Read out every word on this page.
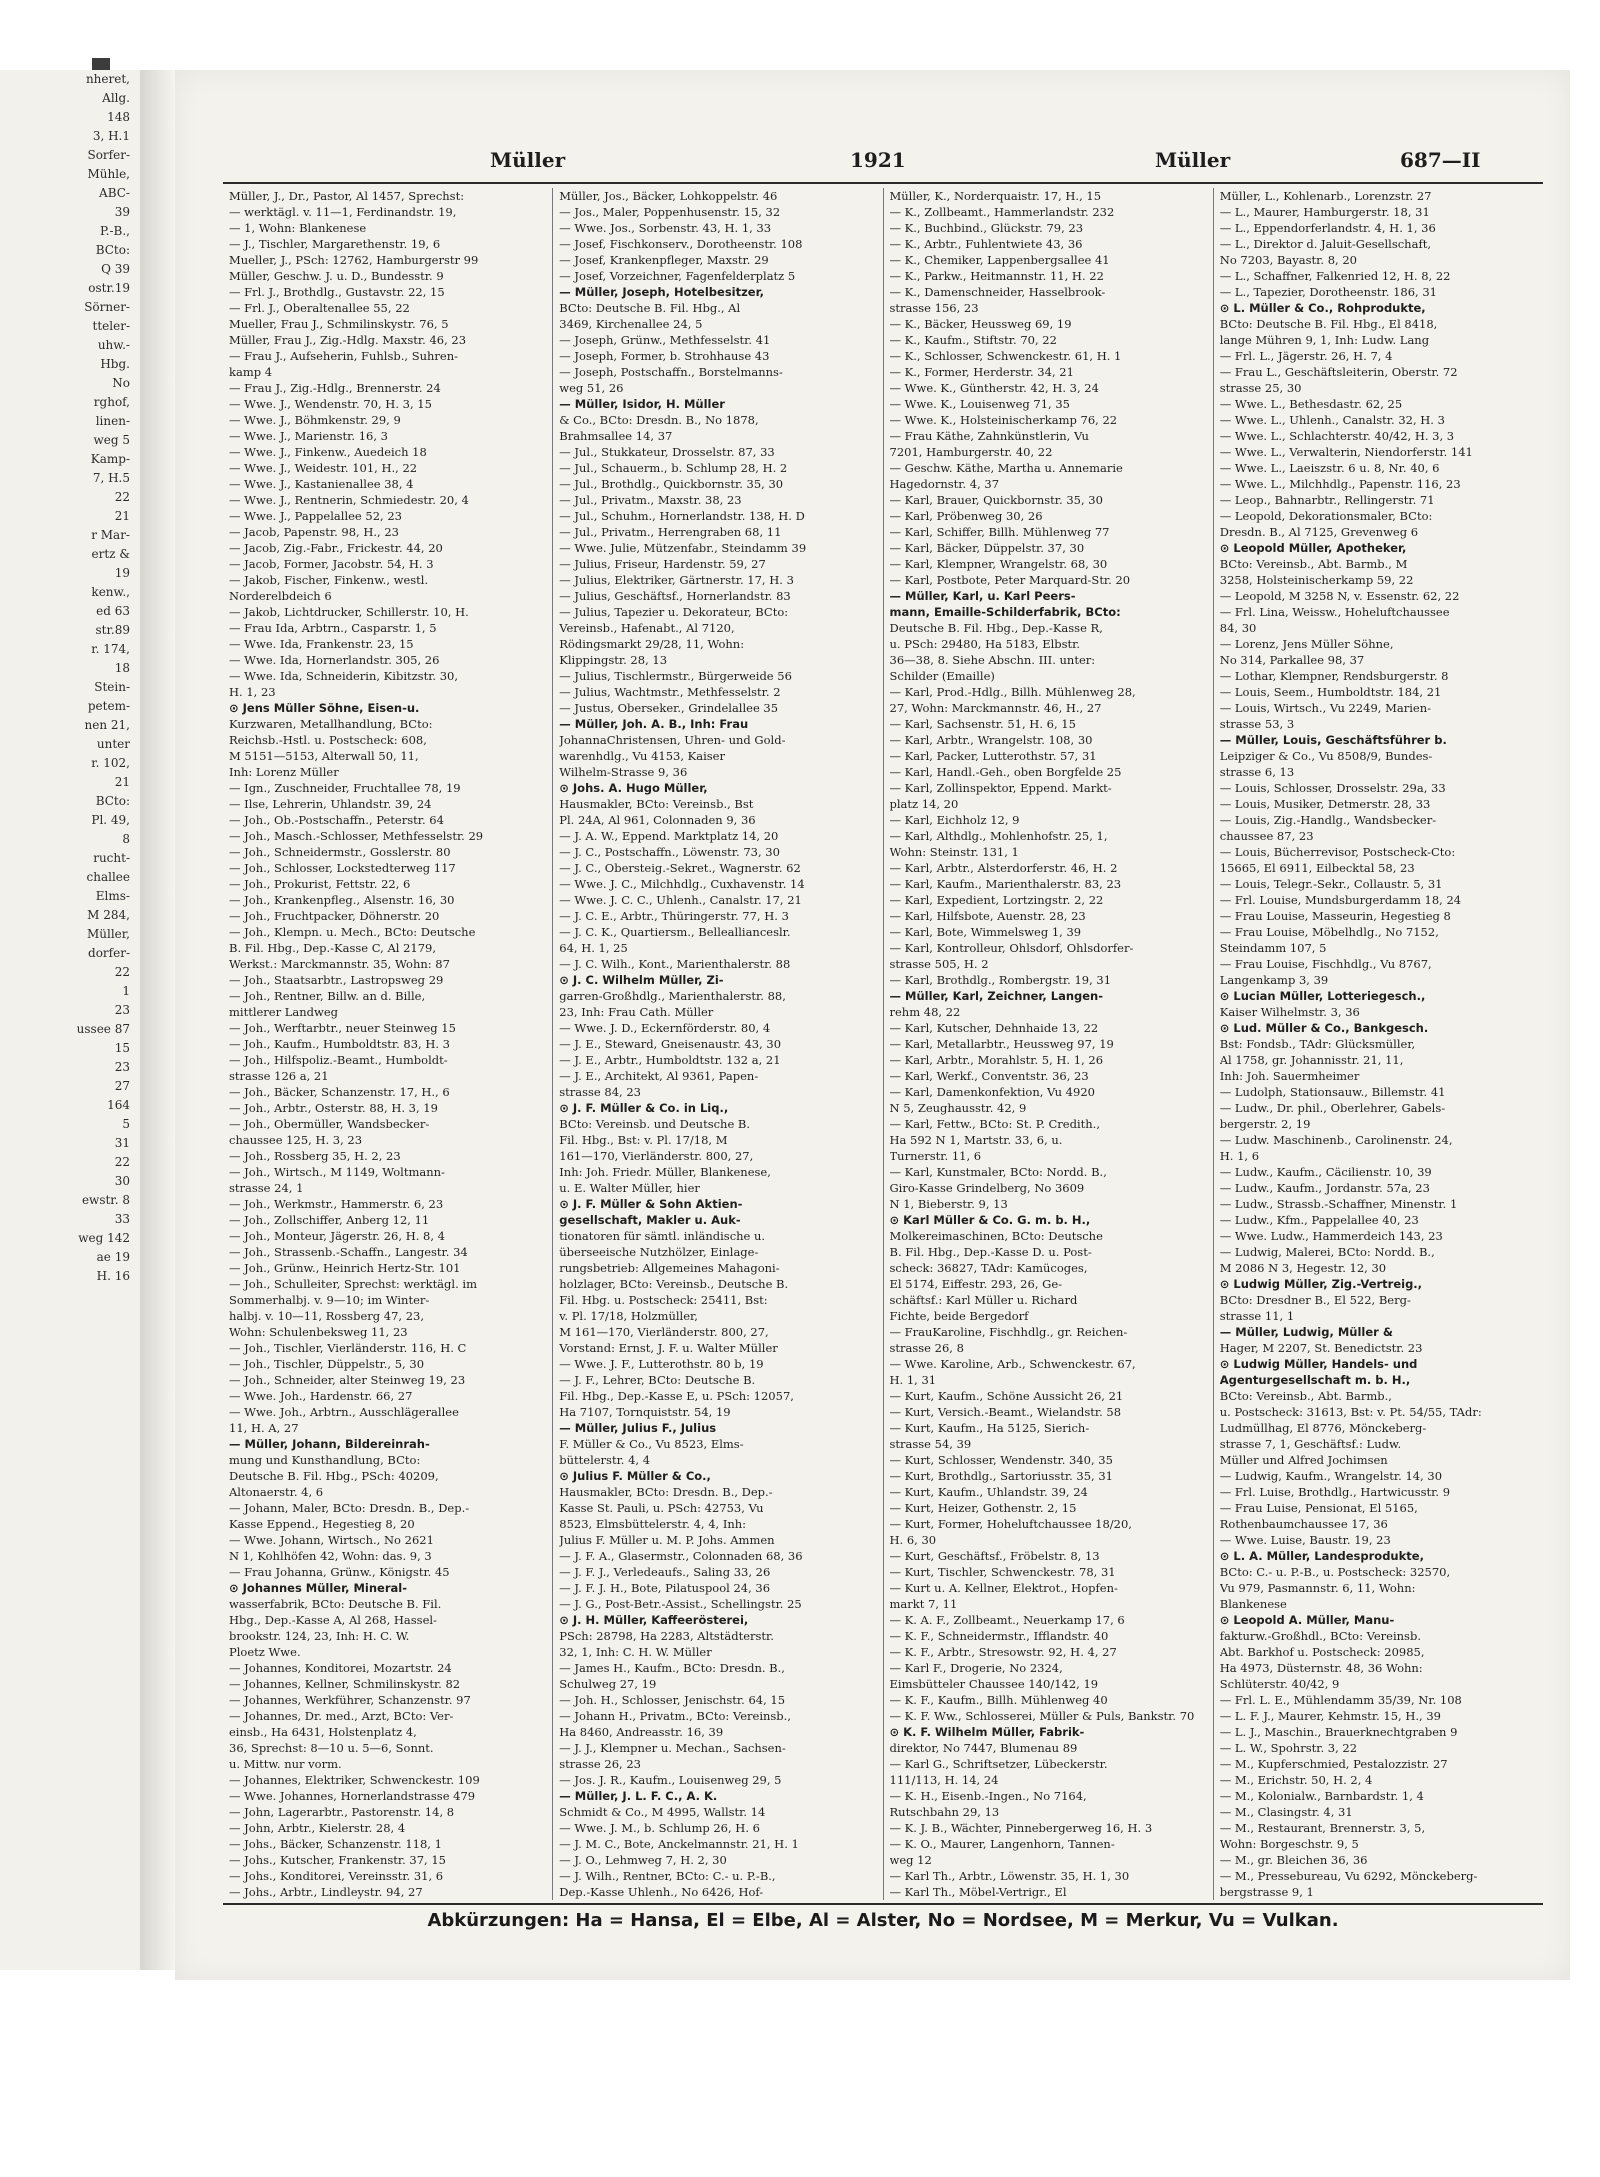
nheret,
Allg.
148
3, H.1
Sorfer-
Mühle,
ABC-
39
P.-B.,
BCto:
Q 39
ostr.19
Sörner-
tteler-
uhw.-
Hbg.
No
rghof,
linen-
weg 5
Kamp-
7, H.5
22
21
r Mar-
ertz &
19
kenw.,
ed 63
str.89
r. 174,
18
Stein-
petem-
nen 21,
unter
r. 102,
21
BCto:
Pl. 49,
8
rucht-
challee
Elms-
M 284,
Müller,
dorfer-
22
1
23
ussee 87
15
23
27
164
5
31
22
30
ewstr. 8
33
weg 142
ae 19
H. 16
Müller	1921	Müller	687—II
Müller, J., Dr., Pastor, Al 1457, Sprechst:
— werktägl. v. 11—1, Ferdinandstr. 19,
— 1, Wohn: Blankenese
— J., Tischler, Margarethenstr. 19, 6
Mueller, J., PSch: 12762, Hamburgerstr 99
Müller, Geschw. J. u. D., Bundesstr. 9
— Frl. J., Brothdlg., Gustavstr. 22, 15
— Frl. J., Oberaltenallee 55, 22
Mueller, Frau J., Schmilinskystr. 76, 5
Müller, Frau J., Zig.-Hdlg. Maxstr. 46, 23
— Frau J., Aufseherin, Fuhlsb., Suhren-
kamp 4
— Frau J., Zig.-Hdlg., Brennerstr. 24
— Wwe. J., Wendenstr. 70, H. 3, 15
— Wwe. J., Böhmkenstr. 29, 9
— Wwe. J., Marienstr. 16, 3
— Wwe. J., Finkenw., Auedeich 18
— Wwe. J., Weidestr. 101, H., 22
— Wwe. J., Kastanienallee 38, 4
— Wwe. J., Rentnerin, Schmiedestr. 20, 4
— Wwe. J., Pappelallee 52, 23
— Jacob, Papenstr. 98, H., 23
— Jacob, Zig.-Fabr., Frickestr. 44, 20
— Jacob, Former, Jacobstr. 54, H. 3
— Jakob, Fischer, Finkenw., westl.
Norderelbdeich 6
— Jakob, Lichtdrucker, Schillerstr. 10, H.
— Frau Ida, Arbtrn., Casparstr. 1, 5
— Wwe. Ida, Frankenstr. 23, 15
— Wwe. Ida, Hornerlandstr. 305, 26
— Wwe. Ida, Schneiderin, Kibitzstr. 30,
H. 1, 23
⊙ Jens Müller Söhne, Eisen-u.
Kurzwaren, Metallhandlung, BCto:
Reichsb.-Hstl. u. Postscheck: 608,
M 5151—5153, Alterwall 50, 11,
Inh: Lorenz Müller
— Ign., Zuschneider, Fruchtallee 78, 19
— Ilse, Lehrerin, Uhlandstr. 39, 24
— Joh., Ob.-Postschaffn., Peterstr. 64
— Joh., Masch.-Schlosser, Methfesselstr. 29
— Joh., Schneidermstr., Gosslerstr. 80
— Joh., Schlosser, Lockstedterweg 117
— Joh., Prokurist, Fettstr. 22, 6
— Joh., Krankenpfleg., Alsenstr. 16, 30
— Joh., Fruchtpacker, Döhnerstr. 20
— Joh., Klempn. u. Mech., BCto: Deutsche
B. Fil. Hbg., Dep.-Kasse C, Al 2179,
Werkst.: Marckmannstr. 35, Wohn: 87
— Joh., Staatsarbtr., Lastropsweg 29
— Joh., Rentner, Billw. an d. Bille,
mittlerer Landweg
— Joh., Werftarbtr., neuer Steinweg 15
— Joh., Kaufm., Humboldtstr. 83, H. 3
— Joh., Hilfspoliz.-Beamt., Humboldt-
strasse 126 a, 21
— Joh., Bäcker, Schanzenstr. 17, H., 6
— Joh., Arbtr., Osterstr. 88, H. 3, 19
— Joh., Obermüller, Wandsbecker-
chaussee 125, H. 3, 23
— Joh., Rossberg 35, H. 2, 23
— Joh., Wirtsch., M 1149, Woltmann-
strasse 24, 1
— Joh., Werkmstr., Hammerstr. 6, 23
— Joh., Zollschiffer, Anberg 12, 11
— Joh., Monteur, Jägerstr. 26, H. 8, 4
— Joh., Strassenb.-Schaffn., Langestr. 34
— Joh., Grünw., Heinrich Hertz-Str. 101
— Joh., Schulleiter, Sprechst: werktägl. im
Sommerhalbj. v. 9—10; im Winter-
halbj. v. 10—11, Rossberg 47, 23,
Wohn: Schulenbeksweg 11, 23
— Joh., Tischler, Vierländerstr. 116, H. C
— Joh., Tischler, Düppelstr., 5, 30
— Joh., Schneider, alter Steinweg 19, 23
— Wwe. Joh., Hardenstr. 66, 27
— Wwe. Joh., Arbtrn., Ausschlägerallee
11, H. A, 27
— Müller, Johann, Bildereinrah-
mung und Kunsthandlung, BCto:
Deutsche B. Fil. Hbg., PSch: 40209,
Altonaerstr. 4, 6
— Johann, Maler, BCto: Dresdn. B., Dep.-
Kasse Eppend., Hegestieg 8, 20
— Wwe. Johann, Wirtsch., No 2621
N 1, Kohlhöfen 42, Wohn: das. 9, 3
— Frau Johanna, Grünw., Königstr. 45
⊙ Johannes Müller, Mineral-
wasserfabrik, BCto: Deutsche B. Fil.
Hbg., Dep.-Kasse A, Al 268, Hassel-
brookstr. 124, 23, Inh: H. C. W.
Ploetz Wwe.
— Johannes, Konditorei, Mozartstr. 24
— Johannes, Kellner, Schmilinskystr. 82
— Johannes, Werkführer, Schanzenstr. 97
— Johannes, Dr. med., Arzt, BCto: Ver-
einsb., Ha 6431, Holstenplatz 4,
36, Sprechst: 8—10 u. 5—6, Sonnt.
u. Mittw. nur vorm.
— Johannes, Elektriker, Schwenckestr. 109
— Wwe. Johannes, Hornerlandstrasse 479
— John, Lagerarbtr., Pastorenstr. 14, 8
— John, Arbtr., Kielerstr. 28, 4
— Johs., Bäcker, Schanzenstr. 118, 1
— Johs., Kutscher, Frankenstr. 37, 15
— Johs., Konditorei, Vereinsstr. 31, 6
— Johs., Arbtr., Lindleystr. 94, 27
Müller, Jos., Bäcker, Lohkoppelstr. 46
— Jos., Maler, Poppenhusenstr. 15, 32
— Wwe. Jos., Sorbenstr. 43, H. 1, 33
— Josef, Fischkonserv., Dorotheenstr. 108
— Josef, Krankenpfleger, Maxstr. 29
— Josef, Vorzeichner, Fagenfelderplatz 5
— Müller, Joseph, Hotelbesitzer,
BCto: Deutsche B. Fil. Hbg., Al
3469, Kirchenallee 24, 5
— Joseph, Grünw., Methfesselstr. 41
— Joseph, Former, b. Strohhause 43
— Joseph, Postschaffn., Borstelmanns-
weg 51, 26
— Müller, Isidor, H. Müller
& Co., BCto: Dresdn. B., No 1878,
Brahmsallee 14, 37
— Jul., Stukkateur, Drosselstr. 87, 33
— Jul., Schauerm., b. Schlump 28, H. 2
— Jul., Brothdlg., Quickbornstr. 35, 30
— Jul., Privatm., Maxstr. 38, 23
— Jul., Schuhm., Hornerlandstr. 138, H. D
— Jul., Privatm., Herrengraben 68, 11
— Wwe. Julie, Mützenfabr., Steindamm 39
— Julius, Friseur, Hardenstr. 59, 27
— Julius, Elektriker, Gärtnerstr. 17, H. 3
— Julius, Geschäftsf., Hornerlandstr. 83
— Julius, Tapezier u. Dekorateur, BCto:
Vereinsb., Hafenabt., Al 7120,
Rödingsmarkt 29/28, 11, Wohn:
Klippingstr. 28, 13
— Julius, Tischlermstr., Bürgerweide 56
— Julius, Wachtmstr., Methfesselstr. 2
— Justus, Oberseker., Grindelallee 35
— Müller, Joh. A. B., Inh: Frau
JohannaChristensen, Uhren- und Gold-
warenhdlg., Vu 4153, Kaiser
Wilhelm-Strasse 9, 36
⊙ Johs. A. Hugo Müller,
Hausmakler, BCto: Vereinsb., Bst
Pl. 24A, Al 961, Colonnaden 9, 36
— J. A. W., Eppend. Marktplatz 14, 20
— J. C., Postschaffn., Löwenstr. 73, 30
— J. C., Obersteig.-Sekret., Wagnerstr. 62
— Wwe. J. C., Milchhdlg., Cuxhavenstr. 14
— Wwe. J. C. C., Uhlenh., Canalstr. 17, 21
— J. C. E., Arbtr., Thüringerstr. 77, H. 3
— J. C. K., Quartiersm., Belleallianceslr.
64, H. 1, 25
— J. C. Wilh., Kont., Marienthalerstr. 88
⊙ J. C. Wilhelm Müller, Zi-
garren-Großhdlg., Marienthalerstr. 88,
23, Inh: Frau Cath. Müller
— Wwe. J. D., Eckernförderstr. 80, 4
— J. E., Steward, Gneisenaustr. 43, 30
— J. E., Arbtr., Humboldtstr. 132 a, 21
— J. E., Architekt, Al 9361, Papen-
strasse 84, 23
⊙ J. F. Müller & Co. in Liq.,
BCto: Vereinsb. und Deutsche B.
Fil. Hbg., Bst: v. Pl. 17/18, M
161—170, Vierländerstr. 800, 27,
Inh: Joh. Friedr. Müller, Blankenese,
u. E. Walter Müller, hier
⊙ J. F. Müller & Sohn Aktien-
gesellschaft, Makler u. Auk-
tionatoren für sämtl. inländische u.
überseeische Nutzhölzer, Einlage-
rungsbetrieb: Allgemeines Mahagoni-
holzlager, BCto: Vereinsb., Deutsche B.
Fil. Hbg. u. Postscheck: 25411, Bst:
v. Pl. 17/18, Holzmüller,
M 161—170, Vierländerstr. 800, 27,
Vorstand: Ernst, J. F. u. Walter Müller
— Wwe. J. F., Lutterothstr. 80 b, 19
— J. F., Lehrer, BCto: Deutsche B.
Fil. Hbg., Dep.-Kasse E, u. PSch: 12057,
Ha 7107, Tornquiststr. 54, 19
— Müller, Julius F., Julius
F. Müller & Co., Vu 8523, Elms-
büttelerstr. 4, 4
⊙ Julius F. Müller & Co.,
Hausmakler, BCto: Dresdn. B., Dep.-
Kasse St. Pauli, u. PSch: 42753, Vu
8523, Elmsbüttelerstr. 4, 4, Inh:
Julius F. Müller u. M. P. Johs. Ammen
— J. F. A., Glasermstr., Colonnaden 68, 36
— J. F. J., Verledeaufs., Saling 33, 26
— J. F. J. H., Bote, Pilatuspool 24, 36
— J. G., Post-Betr.-Assist., Schellingstr. 25
⊙ J. H. Müller, Kaffeerösterei,
PSch: 28798, Ha 2283, Altstädterstr.
32, 1, Inh: C. H. W. Müller
— James H., Kaufm., BCto: Dresdn. B.,
Schulweg 27, 19
— Joh. H., Schlosser, Jenischstr. 64, 15
— Johann H., Privatm., BCto: Vereinsb.,
Ha 8460, Andreasstr. 16, 39
— J. J., Klempner u. Mechan., Sachsen-
strasse 26, 23
— Jos. J. R., Kaufm., Louisenweg 29, 5
— Müller, J. L. F. C., A. K.
Schmidt & Co., M 4995, Wallstr. 14
— Wwe. J. M., b. Schlump 26, H. 6
— J. M. C., Bote, Anckelmannstr. 21, H. 1
— J. O., Lehmweg 7, H. 2, 30
— J. Wilh., Rentner, BCto: C.- u. P.-B.,
Dep.-Kasse Uhlenh., No 6426, Hof-
Müller, K., Norderquaistr. 17, H., 15
— K., Zollbeamt., Hammerlandstr. 232
— K., Buchbind., Glückstr. 79, 23
— K., Arbtr., Fuhlentwiete 43, 36
— K., Chemiker, Lappenbergsallee 41
— K., Parkw., Heitmannstr. 11, H. 22
— K., Damenschneider, Hasselbrook-
strasse 156, 23
— K., Bäcker, Heussweg 69, 19
— K., Kaufm., Stiftstr. 70, 22
— K., Schlosser, Schwenckestr. 61, H. 1
— K., Former, Herderstr. 34, 21
— Wwe. K., Güntherstr. 42, H. 3, 24
— Wwe. K., Louisenweg 71, 35
— Wwe. K., Holsteinischerkamp 76, 22
— Frau Käthe, Zahnkünstlerin, Vu
7201, Hamburgerstr. 40, 22
— Geschw. Käthe, Martha u. Annemarie
Hagedornstr. 4, 37
— Karl, Brauer, Quickbornstr. 35, 30
— Karl, Pröbenweg 30, 26
— Karl, Schiffer, Billh. Mühlenweg 77
— Karl, Bäcker, Düppelstr. 37, 30
— Karl, Klempner, Wrangelstr. 68, 30
— Karl, Postbote, Peter Marquard-Str. 20
— Müller, Karl, u. Karl Peers-
mann, Emaille-Schilderfabrik, BCto:
Deutsche B. Fil. Hbg., Dep.-Kasse R,
u. PSch: 29480, Ha 5183, Elbstr.
36—38, 8. Siehe Abschn. III. unter:
Schilder (Emaille)
— Karl, Prod.-Hdlg., Billh. Mühlenweg 28,
27, Wohn: Marckmannstr. 46, H., 27
— Karl, Sachsenstr. 51, H. 6, 15
— Karl, Arbtr., Wrangelstr. 108, 30
— Karl, Packer, Lutterothstr. 57, 31
— Karl, Handl.-Geh., oben Borgfelde 25
— Karl, Zollinspektor, Eppend. Markt-
platz 14, 20
— Karl, Eichholz 12, 9
— Karl, Althdlg., Mohlenhofstr. 25, 1,
Wohn: Steinstr. 131, 1
— Karl, Arbtr., Alsterdorferstr. 46, H. 2
— Karl, Kaufm., Marienthalerstr. 83, 23
— Karl, Expedient, Lortzingstr. 2, 22
— Karl, Hilfsbote, Auenstr. 28, 23
— Karl, Bote, Wimmelsweg 1, 39
— Karl, Kontrolleur, Ohlsdorf, Ohlsdorfer-
strasse 505, H. 2
— Karl, Brothdlg., Rombergstr. 19, 31
— Müller, Karl, Zeichner, Langen-
rehm 48, 22
— Karl, Kutscher, Dehnhaide 13, 22
— Karl, Metallarbtr., Heussweg 97, 19
— Karl, Arbtr., Morahlstr. 5, H. 1, 26
— Karl, Werkf., Conventstr. 36, 23
— Karl, Damenkonfektion, Vu 4920
N 5, Zeughausstr. 42, 9
— Karl, Fettw., BCto: St. P. Credith.,
Ha 592 N 1, Martstr. 33, 6, u.
Turnerstr. 11, 6
— Karl, Kunstmaler, BCto: Nordd. B.,
Giro-Kasse Grindelberg, No 3609
N 1, Bieberstr. 9, 13
⊙ Karl Müller & Co. G. m. b. H.,
Molkereimaschinen, BCto: Deutsche
B. Fil. Hbg., Dep.-Kasse D. u. Post-
scheck: 36827, TAdr: Kamücoges,
El 5174, Eiffestr. 293, 26, Ge-
schäftsf.: Karl Müller u. Richard
Fichte, beide Bergedorf
— FrauKaroline, Fischhdlg., gr. Reichen-
strasse 26, 8
— Wwe. Karoline, Arb., Schwenckestr. 67,
H. 1, 31
— Kurt, Kaufm., Schöne Aussicht 26, 21
— Kurt, Versich.-Beamt., Wielandstr. 58
— Kurt, Kaufm., Ha 5125, Sierich-
strasse 54, 39
— Kurt, Schlosser, Wendenstr. 340, 35
— Kurt, Brothdlg., Sartoriusstr. 35, 31
— Kurt, Kaufm., Uhlandstr. 39, 24
— Kurt, Heizer, Gothenstr. 2, 15
— Kurt, Former, Hoheluftchaussee 18/20,
H. 6, 30
— Kurt, Geschäftsf., Fröbelstr. 8, 13
— Kurt, Tischler, Schwenckestr. 78, 31
— Kurt u. A. Kellner, Elektrot., Hopfen-
markt 7, 11
— K. A. F., Zollbeamt., Neuerkamp 17, 6
— K. F., Schneidermstr., Ifflandstr. 40
— K. F., Arbtr., Stresowstr. 92, H. 4, 27
— Karl F., Drogerie, No 2324,
Eimsbütteler Chaussee 140/142, 19
— K. F., Kaufm., Billh. Mühlenweg 40
— K. F. Ww., Schlosserei, Müller & Puls, Bankstr. 70
⊙ K. F. Wilhelm Müller, Fabrik-
direktor, No 7447, Blumenau 89
— Karl G., Schriftsetzer, Lübeckerstr.
111/113, H. 14, 24
— K. H., Eisenb.-Ingen., No 7164,
Rutschbahn 29, 13
— K. J. B., Wächter, Pinnebergerweg 16, H. 3
— K. O., Maurer, Langenhorn, Tannen-
weg 12
— Karl Th., Arbtr., Löwenstr. 35, H. 1, 30
— Karl Th., Möbel-Vertrigr., El
Müller, L., Kohlenarb., Lorenzstr. 27
— L., Maurer, Hamburgerstr. 18, 31
— L., Eppendorferlandstr. 4, H. 1, 36
— L., Direktor d. Jaluit-Gesellschaft,
No 7203, Bayastr. 8, 20
— L., Schaffner, Falkenried 12, H. 8, 22
— L., Tapezier, Dorotheenstr. 186, 31
⊙ L. Müller & Co., Rohprodukte,
BCto: Deutsche B. Fil. Hbg., El 8418,
lange Mühren 9, 1, Inh: Ludw. Lang
— Frl. L., Jägerstr. 26, H. 7, 4
— Frau L., Geschäftsleiterin, Oberstr. 72
strasse 25, 30
— Wwe. L., Bethesdastr. 62, 25
— Wwe. L., Uhlenh., Canalstr. 32, H. 3
— Wwe. L., Schlachterstr. 40/42, H. 3, 3
— Wwe. L., Verwalterin, Niendorferstr. 141
— Wwe. L., Laeiszstr. 6 u. 8, Nr. 40, 6
— Wwe. L., Milchhdlg., Papenstr. 116, 23
— Leop., Bahnarbtr., Rellingerstr. 71
— Leopold, Dekorationsmaler, BCto:
Dresdn. B., Al 7125, Grevenweg 6
⊙ Leopold Müller, Apotheker,
BCto: Vereinsb., Abt. Barmb., M
3258, Holsteinischerkamp 59, 22
— Leopold, M 3258 N, v. Essenstr. 62, 22
— Frl. Lina, Weissw., Hoheluftchaussee
84, 30
— Lorenz, Jens Müller Söhne,
No 314, Parkallee 98, 37
— Lothar, Klempner, Rendsburgerstr. 8
— Louis, Seem., Humboldtstr. 184, 21
— Louis, Wirtsch., Vu 2249, Marien-
strasse 53, 3
— Müller, Louis, Geschäftsführer b.
Leipziger & Co., Vu 8508/9, Bundes-
strasse 6, 13
— Louis, Schlosser, Drosselstr. 29a, 33
— Louis, Musiker, Detmerstr. 28, 33
— Louis, Zig.-Handlg., Wandsbecker-
chaussee 87, 23
— Louis, Bücherrevisor, Postscheck-Cto:
15665, El 6911, Eilbecktal 58, 23
— Louis, Telegr.-Sekr., Collaustr. 5, 31
— Frl. Louise, Mundsburgerdamm 18, 24
— Frau Louise, Masseurin, Hegestieg 8
— Frau Louise, Möbelhdlg., No 7152,
Steindamm 107, 5
— Frau Louise, Fischhdlg., Vu 8767,
Langenkamp 3, 39
⊙ Lucian Müller, Lotteriegesch.,
Kaiser Wilhelmstr. 3, 36
⊙ Lud. Müller & Co., Bankgesch.
Bst: Fondsb., TAdr: Glücksmüller,
Al 1758, gr. Johannisstr. 21, 11,
Inh: Joh. Sauermheimer
— Ludolph, Stationsauw., Billemstr. 41
— Ludw., Dr. phil., Oberlehrer, Gabels-
bergerstr. 2, 19
— Ludw. Maschinenb., Carolinenstr. 24,
H. 1, 6
— Ludw., Kaufm., Cäcilienstr. 10, 39
— Ludw., Kaufm., Jordanstr. 57a, 23
— Ludw., Strassb.-Schaffner, Minenstr. 1
— Ludw., Kfm., Pappelallee 40, 23
— Wwe. Ludw., Hammerdeich 143, 23
— Ludwig, Malerei, BCto: Nordd. B.,
M 2086 N 3, Hegestr. 12, 30
⊙ Ludwig Müller, Zig.-Vertreig.,
BCto: Dresdner B., El 522, Berg-
strasse 11, 1
— Müller, Ludwig, Müller &
Hager, M 2207, St. Benedictstr. 23
⊙ Ludwig Müller, Handels- und
Agenturgesellschaft m. b. H.,
BCto: Vereinsb., Abt. Barmb.,
u. Postscheck: 31613, Bst: v. Pt. 54/55, TAdr:
Ludmüllhag, El 8776, Mönckeberg-
strasse 7, 1, Geschäftsf.: Ludw.
Müller und Alfred Jochimsen
— Ludwig, Kaufm., Wrangelstr. 14, 30
— Frl. Luise, Brothdlg., Hartwicusstr. 9
— Frau Luise, Pensionat, El 5165,
Rothenbaumchaussee 17, 36
— Wwe. Luise, Baustr. 19, 23
⊙ L. A. Müller, Landesprodukte,
BCto: C.- u. P.-B., u. Postscheck: 32570,
Vu 979, Pasmannstr. 6, 11, Wohn:
Blankenese
⊙ Leopold A. Müller, Manu-
fakturw.-Großhdl., BCto: Vereinsb.
Abt. Barkhof u. Postscheck: 20985,
Ha 4973, Düsternstr. 48, 36 Wohn:
Schlüterstr. 40/42, 9
— Frl. L. E., Mühlendamm 35/39, Nr. 108
— L. F. J., Maurer, Kehmstr. 15, H., 39
— L. J., Maschin., Brauerknechtgraben 9
— L. W., Spohrstr. 3, 22
— M., Kupferschmied, Pestalozzistr. 27
— M., Erichstr. 50, H. 2, 4
— M., Kolonialw., Barnbardstr. 1, 4
— M., Clasingstr. 4, 31
— M., Restaurant, Brennerstr. 3, 5,
Wohn: Borgeschstr. 9, 5
— M., gr. Bleichen 36, 36
— M., Pressebureau, Vu 6292, Mönckeberg-
bergstrasse 9, 1
Abkürzungen: Ha = Hansa, El = Elbe, Al = Alster, No = Nordsee, M = Merkur, Vu = Vulkan.
